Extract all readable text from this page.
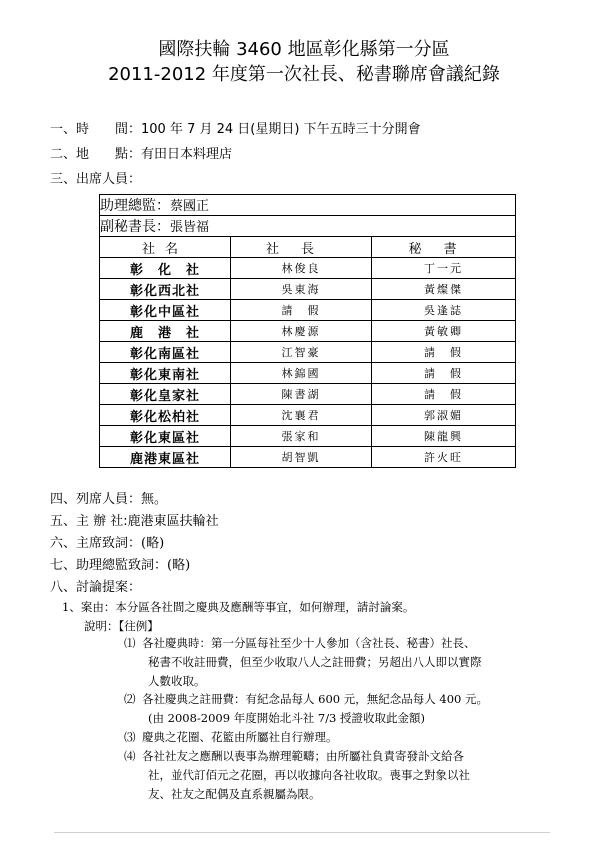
國際扶輪 3460 地區彰化縣第一分區
2011-2012 年度第一次社長、秘書聯席會議紀錄
一、時　　間：100 年 7 月 24 日(星期日) 下午五時三十分開會
二、地　　點：有田日本料理店
三、出席人員：
助理總監：蔡國正		
副秘書長：張皆福		
社名	社長	秘書
彰　化　社	林俊良	丁一元
彰化西北社	吳東海	黃燦傑
彰化中區社	請　假	吳逢誌
鹿　港　社	林慶源	黃敏卿
彰化南區社	江智豪	請　假
彰化東南社	林錦國	請　假
彰化皇家社	陳書湖	請　假
彰化松柏社	沈襄君	郭淑媚
彰化東區社	張家和	陳龍興
鹿港東區社	胡智凱	許火旺
四、列席人員：無。
五、主 辦 社:鹿港東區扶輪社
六、主席致詞：(略)
七、助理總監致詞：(略)
八、討論提案：
1、案由：本分區各社間之慶典及應酬等事宜，如何辦理，請討論案。
說明：【往例】
⑴ 各社慶典時：第一分區每社至少十人參加（含社長、秘書）社長、
秘書不收註冊費，但至少收取八人之註冊費；另超出八人即以實際
人數收取。
⑵ 各社慶典之註冊費：有紀念品每人 600 元，無紀念品每人 400 元。
(由 2008-2009 年度開始北斗社 7/3 授證收取此金額)
⑶ 慶典之花圈、花籃由所屬社自行辦理。
⑷ 各社社友之應酬以喪事為辦理範疇；由所屬社負責寄發訃文給各
社，並代訂佰元之花圈，再以收據向各社收取。喪事之對象以社
友、社友之配偶及直系親屬為限。
